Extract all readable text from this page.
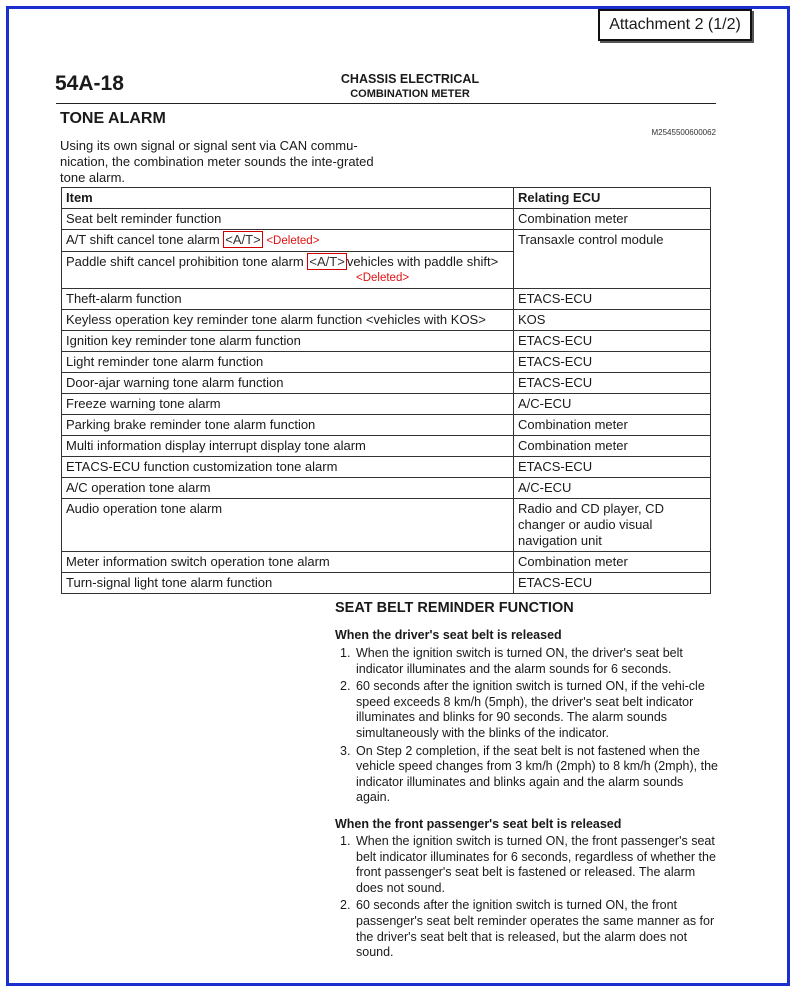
Attachment 2 (1/2)
54A-18	CHASSIS ELECTRICAL
COMBINATION METER
TONE ALARM
M2545500600062

Using its own signal or signal sent via CAN commu-nication, the combination meter sounds the inte-grated tone alarm.

Item	Relating ECU
Seat belt reminder function	Combination meter
A/T shift cancel tone alarm <A/T> <Deleted>	Transaxle control module
Paddle shift cancel prohibition tone alarm <A/T> vehicles with paddle shift>
<Deleted>	

Theft-alarm function	ETACS-ECU
Keyless operation key reminder tone alarm function <vehicles with KOS>	KOS
Ignition key reminder tone alarm function	ETACS-ECU
Light reminder tone alarm function	ETACS-ECU
Door-ajar warning tone alarm function	ETACS-ECU
Freeze warning tone alarm	A/C-ECU
Parking brake reminder tone alarm function	Combination meter
Multi information display interrupt display tone alarm	Combination meter
ETACS-ECU function customization tone alarm	ETACS-ECU
A/C operation tone alarm	A/C-ECU
Audio operation tone alarm	Radio and CD player, CD changer or audio visual navigation unit
Meter information switch operation tone alarm	Combination meter
Turn-signal light tone alarm function	ETACS-ECU
SEAT BELT REMINDER FUNCTION
When the driver's seat belt is released
1. When the ignition switch is turned ON, the driver's seat belt indicator illuminates and the alarm sounds for 6 seconds.
2. 60 seconds after the ignition switch is turned ON, if the vehi-cle speed exceeds 8 km/h (5mph), the driver's seat belt indicator illuminates and blinks for 90 seconds. The alarm sounds simultaneously with the blinks of the indicator.
3. On Step 2 completion, if the seat belt is not fastened when the vehicle speed changes from 3 km/h (2mph) to 8 km/h (2mph), the indicator illuminates and blinks again and the alarm sounds again.
When the front passenger's seat belt is released
1. When the ignition switch is turned ON, the front passenger's seat belt indicator illuminates for 6 seconds, regardless of whether the front passenger's seat belt is fastened or released. The alarm does not sound.
2. 60 seconds after the ignition switch is turned ON, the front passenger's seat belt reminder operates the same manner as for the driver's seat belt that is released, but the alarm does not sound.
